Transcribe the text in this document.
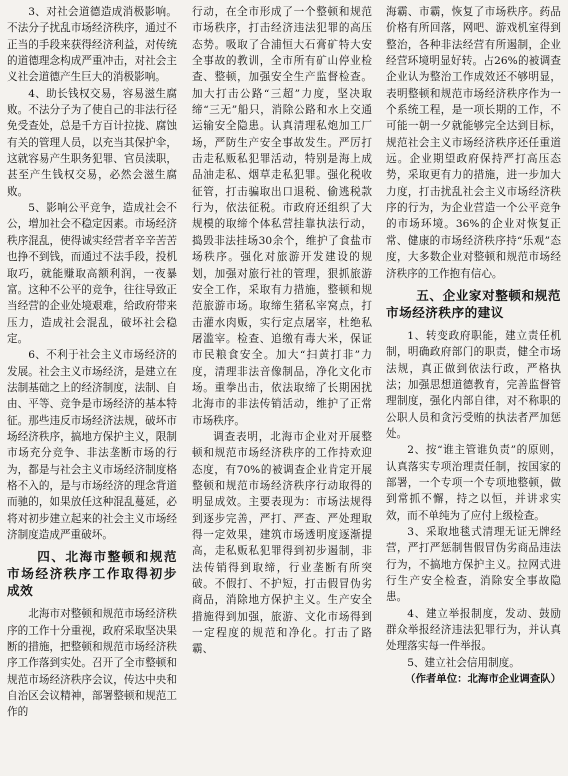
3、对社会道德造成消极影响。不法分子扰乱市场经济秩序，通过不正当的手段来获得经济利益，对传统的道德理念构成严重冲击，对社会主义社会道德产生巨大的消极影响。

4、助长钱权交易，容易滋生腐败。不法分子为了使自己的非法行径免受查处，总是千方百计拉拢、腐蚀有关的管理人员，以充当其保护伞，这就容易产生职务犯罪、官员渎职，甚至产生钱权交易，必然会滋生腐败。

5、影响公平竞争，造成社会不公，增加社会不稳定因素。市场经济秩序混乱，使得诚实经营者辛辛苦苦也挣不到钱，而通过不法手段，投机取巧，就能赚取高额利润，一夜暴富。这种不公平的竞争，往往导致正当经营的企业处境艰难，给政府带来压力，造成社会混乱，破坏社会稳定。

6、不利于社会主义市场经济的发展。社会主义市场经济，是建立在法制基础之上的经济制度，法制、自由、平等、竞争是市场经济的基本特征。那些违反市场经济法规，破坏市场经济秩序，搞地方保护主义，限制市场充分竞争、非法垄断市场的行为，都是与社会主义市场经济制度格格不入的，是与市场经济的理念背道而驰的，如果放任这种混乱蔓延，必将对初步建立起来的社会主义市场经济制度造成严重破坏。

四、北海市整顿和规范市场经济秩序工作取得初步成效

北海市对整顿和规范市场经济秩序的工作十分重视，政府采取坚决果断的措施，把整顿和规范市场经济秩序工作落到实处。召开了全市整顿和规范市场经济秩序会议，传达中央和自治区会议精神，部署整顿和规范工作的

行动，在全市形成了一个整顿和规范市场秩序，打击经济违法犯罪的高压态势。吸取了合浦恒大石膏矿特大安全事故的教训，全市所有矿山停业检查、整顿，加强安全生产监督检查。加大打击公路“三超”力度，坚决取缔“三无”船只，消除公路和水上交通运输安全隐患。认真清理私炮加工厂场，严防生产安全事故发生。严厉打击走私贩私犯罪活动，特别是海上成品油走私、烟草走私犯罪。强化税收征管，打击骗取出口退税、偷逃税款行为，依法征税。市政府还组织了大规模的取缔个体私营挂靠执法行动，捣毁非法挂场30余个，维护了食盐市场秩序。强化对旅游开发建设的规划，加强对旅行社的管理，狠抓旅游安全工作，采取有力措施，整顿和规范旅游市场。取缔生猪私宰窝点，打击灌水肉贩，实行定点屠宰，杜绝私屠滥宰。检查、追缴有毒大米，保证市民粮食安全。加大“扫黄打非”力度，清理非法音像制品，净化文化市场。重拳出击，依法取缔了长期困扰北海市的非法传销活动，维护了正常市场秩序。

调查表明，北海市企业对开展整顿和规范市场经济秩序的工作持欢迎态度，有70%的被调查企业肯定开展整顿和规范市场经济秩序行动取得的明显成效。主要表现为：市场法规得到逐步完善，严打、严查、严处理取得一定效果，建筑市场透明度逐渐提高，走私贩私犯罪得到初步遏制，非法传销得到取缔，行业垄断有所突破。不假打、不护短，打击假冒伪劣商品，消除地方保护主义。生产安全措施得到加强，旅游、文化市场得到一定程度的规范和净化。打击了路霸、

海霸、市霸，恢复了市场秩序。药品价格有所回落，网吧、游戏机室得到整治，各种非法经营有所遏制，企业经营环境明显好转。占26%的被调查企业认为整治工作成效还不够明显，表明整顿和规范市场经济秩序作为一个系统工程，是一项长期的工作，不可能一朝一夕就能够完全达到目标，规范社会主义市场经济秩序还任重道远。企业期望政府保持严打高压态势，采取更有力的措施，进一步加大力度，打击扰乱社会主义市场经济秩序的行为，为企业营造一个公平竞争的市场环境。36%的企业对恢复正常、健康的市场经济秩序持“乐观”态度，大多数企业对整顿和规范市场经济秩序的工作抱有信心。

五、企业家对整顿和规范市场经济秩序的建议

1、转变政府职能，建立责任机制，明确政府部门的职责，健全市场法规，真正做到依法行政，严格执法；加强思想道德教育，完善监督管理制度，强化内部自律，对不称职的公职人员和贪污受贿的执法者严加惩处。

2、按“谁主管谁负责”的原则，认真落实专项治理责任制，按国家的部署，一个专项一个专项地整顿，做到常抓不懈，持之以恒，并讲求实效，而不单纯为了应付上级检查。

3、采取地毯式清理无证无牌经营，严打严惩制售假冒伪劣商品违法行为，不搞地方保护主义。拉网式进行生产安全检查，消除安全事故隐患。

4、建立举报制度，发动、鼓励群众举报经济违法犯罪行为，并认真处理落实每一件举报。

5、建立社会信用制度。

（作者单位：北海市企业调查队）
